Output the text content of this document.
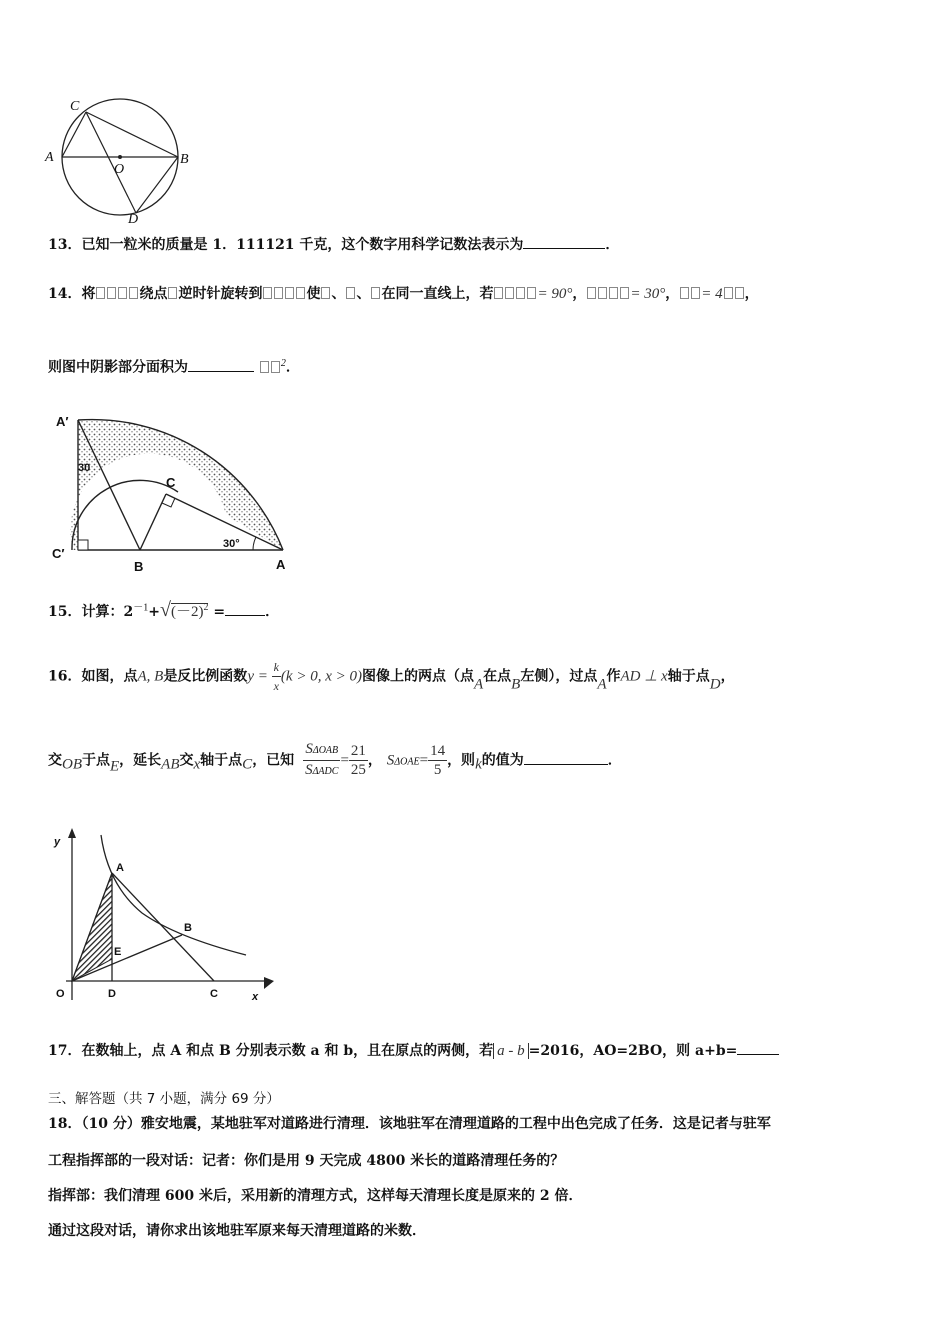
C
A
O
B
D
13．已知一粒米的质量是 1．111121 千克，这个数字用科学记数法表示为	．
14．将	绕点 逆时针旋转到	使 、 、 在同一直线上，若	= 90°，	= 30°， = 4 ，
则图中阴影部分面积为	$^2$．
A′
30
C
C′
B
30°
A
15．计算：$2^{-1}+√(-2)^2$ =	．
16．如图，点A, B是反比例函数$y = \frac{k}{x} (k > 0$, x > 0)图像上的两点（点A在点B左侧），过点A作AD ⊥ x轴于点D，
交OB于点E，延长AB交x轴于点C，已知 $\frac{\text{SΔOAB}}{\text{SΔADC}} = \frac{21}{25}$ ， $S\Delta OAE= \frac{14}{5}$ ，则k的值为	．
y
A
B
E
O	D	C	x
17．在数轴上，点 A 和点 B 分别表示数 a 和 b，且在原点的两侧，若 a - b =2016，AO=2BO，则 a+b=
三、解答题（共 7 小题，满分 69 分）
18．（10 分）雅安地震，某地驻军对道路进行清理．该地驻军在清理道路的工程中出色完成了任务．这是记者与驻军
工程指挥部的一段对话：记者：你们是用 9 天完成 4800 米长的道路清理任务的？
指挥部：我们清理 600 米后，采用新的清理方式，这样每天清理长度是原来的 2 倍．
通过这段对话，请你求出该地驻军原来每天清理道路的米数．
